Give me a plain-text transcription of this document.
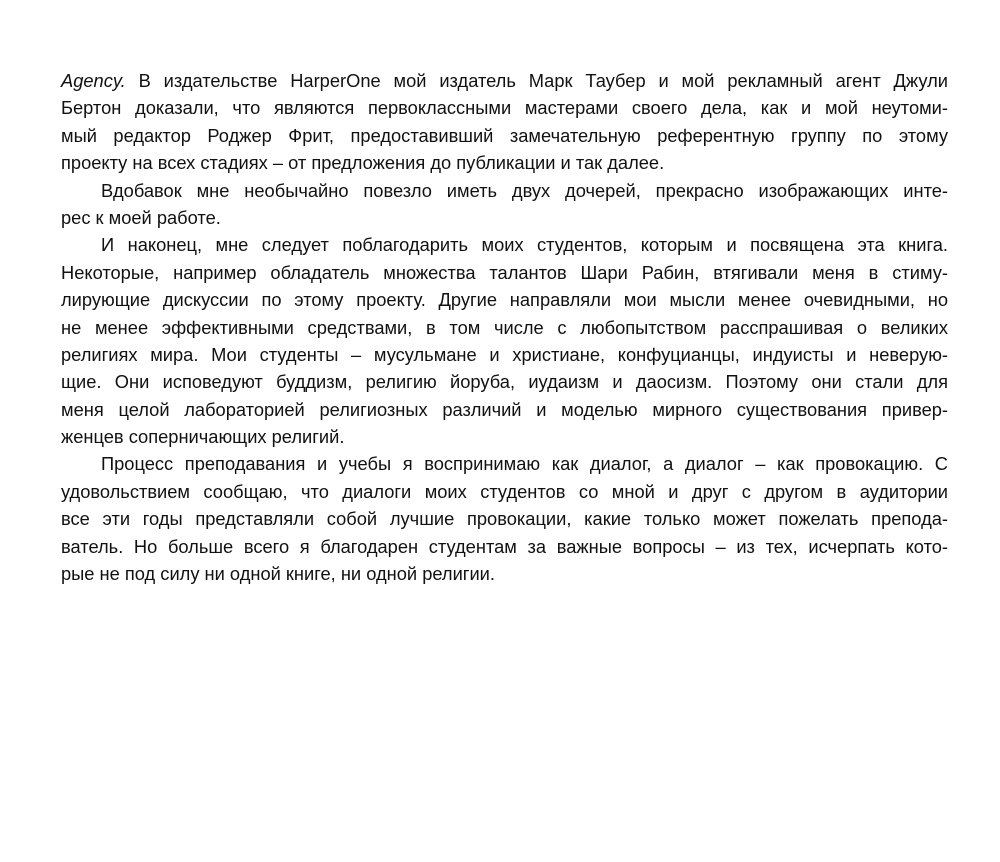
Agency. В издательстве HarperOne мой издатель Марк Таубер и мой рекламный агент Джули
Бертон доказали, что являются первоклассными мастерами своего дела, как и мой неутоми-
мый редактор Роджер Фрит, предоставивший замечательную референтную группу по этому
проекту на всех стадиях – от предложения до публикации и так далее.
Вдобавок мне необычайно повезло иметь двух дочерей, прекрасно изображающих инте-
рес к моей работе.
И наконец, мне следует поблагодарить моих студентов, которым и посвящена эта книга.
Некоторые, например обладатель множества талантов Шари Рабин, втягивали меня в стиму-
лирующие дискуссии по этому проекту. Другие направляли мои мысли менее очевидными, но
не менее эффективными средствами, в том числе с любопытством расспрашивая о великих
религиях мира. Мои студенты – мусульмане и христиане, конфуцианцы, индуисты и неверую-
щие. Они исповедуют буддизм, религию йоруба, иудаизм и даосизм. Поэтому они стали для
меня целой лабораторией религиозных различий и моделью мирного существования привер-
женцев соперничающих религий.
Процесс преподавания и учебы я воспринимаю как диалог, а диалог – как провокацию. С
удовольствием сообщаю, что диалоги моих студентов со мной и друг с другом в аудитории
все эти годы представляли собой лучшие провокации, какие только может пожелать препода-
ватель. Но больше всего я благодарен студентам за важные вопросы – из тех, исчерпать кото-
рые не под силу ни одной книге, ни одной религии.
